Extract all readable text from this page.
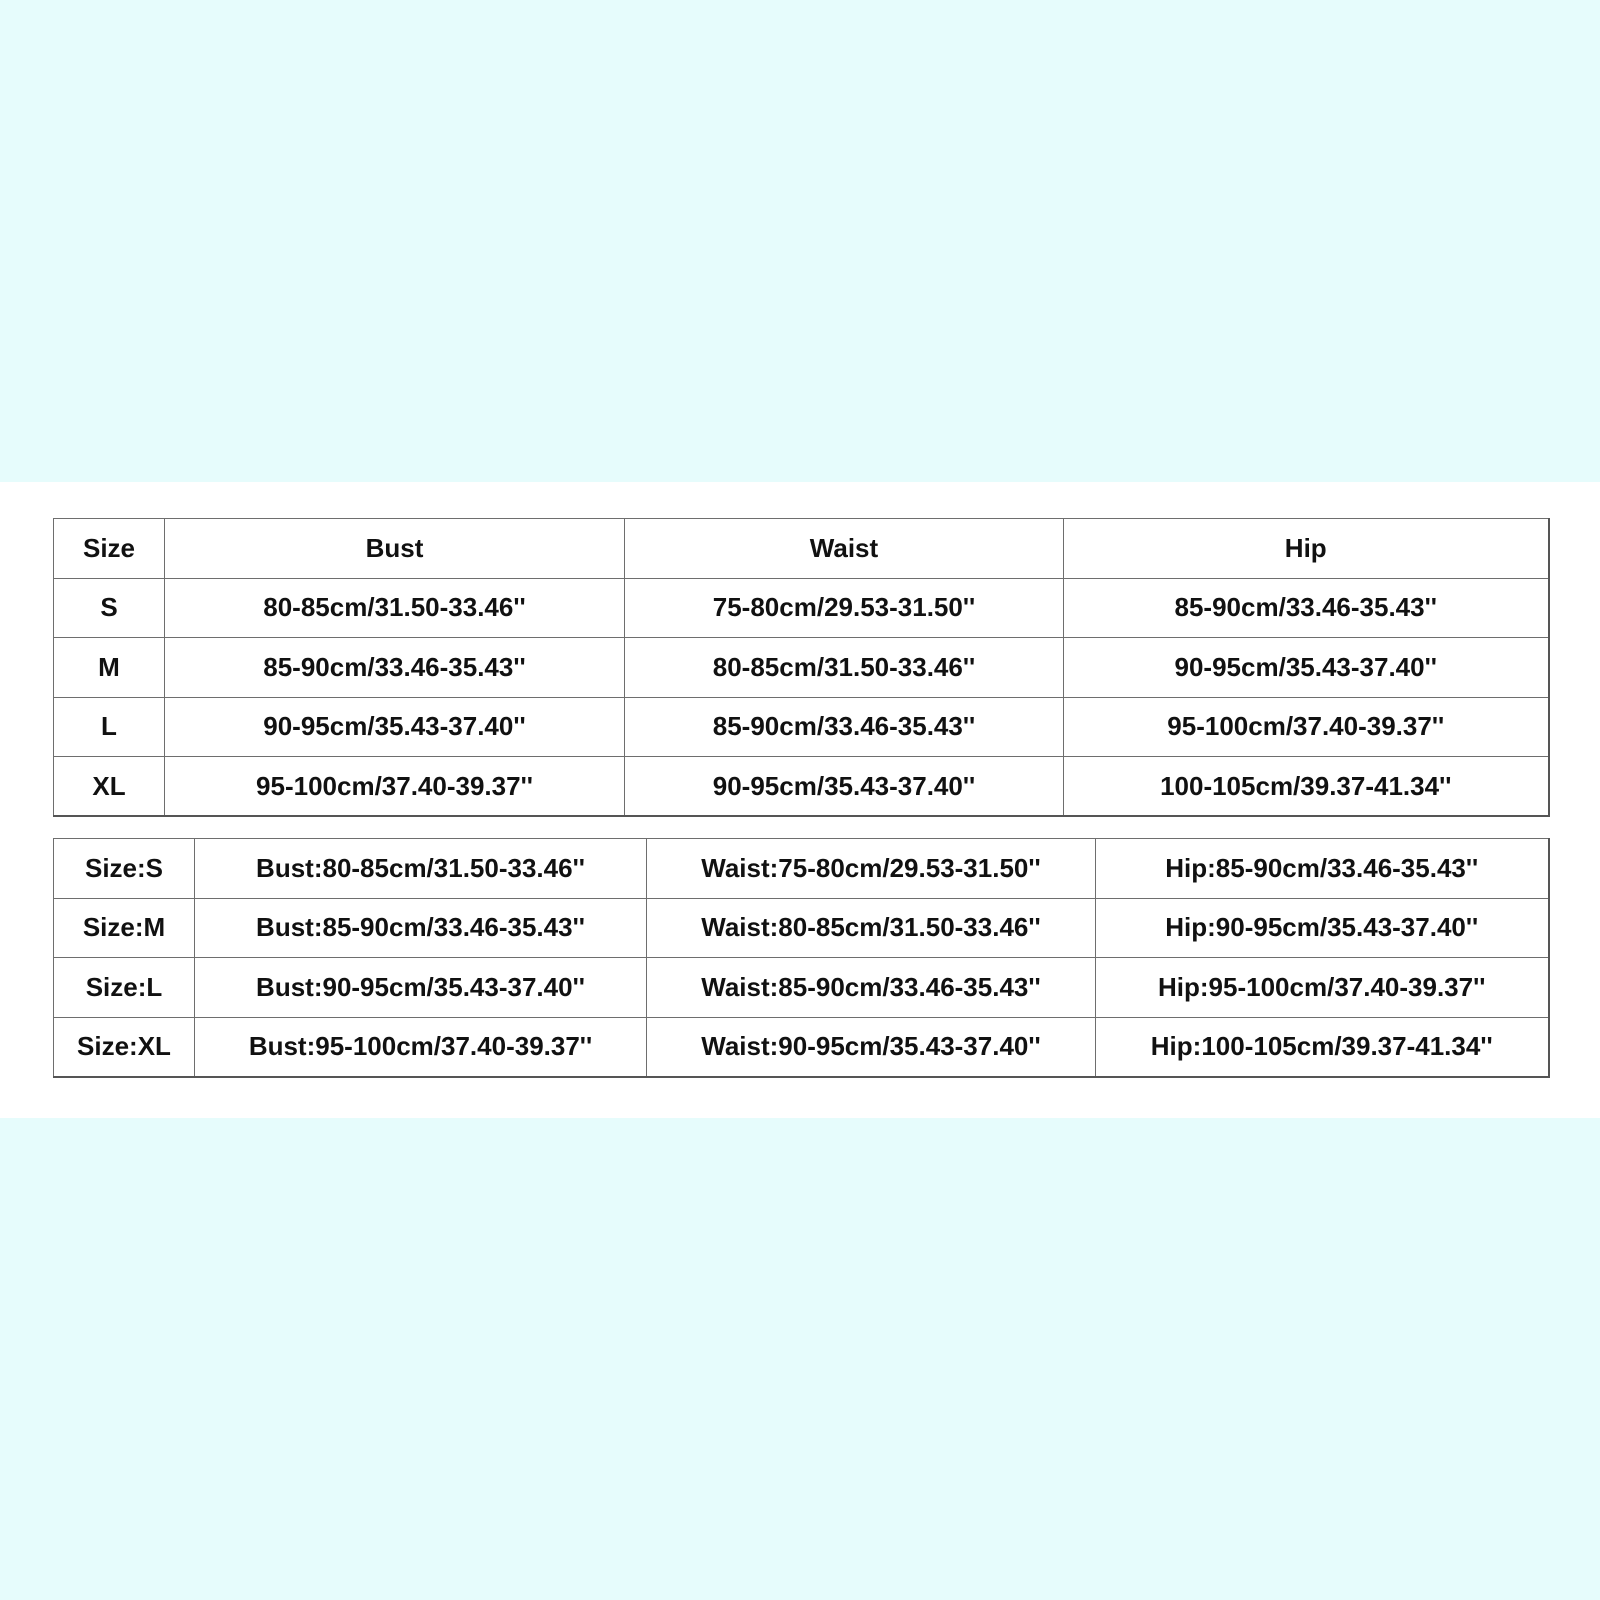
Size	Bust	Waist	Hip
S	80-85cm/31.50-33.46''	75-80cm/29.53-31.50''	85-90cm/33.46-35.43''
M	85-90cm/33.46-35.43''	80-85cm/31.50-33.46''	90-95cm/35.43-37.40''
L	90-95cm/35.43-37.40''	85-90cm/33.46-35.43''	95-100cm/37.40-39.37''
XL	95-100cm/37.40-39.37''	90-95cm/35.43-37.40''	100-105cm/39.37-41.34''
Size:S	Bust:80-85cm/31.50-33.46''	Waist:75-80cm/29.53-31.50''	Hip:85-90cm/33.46-35.43''
Size:M	Bust:85-90cm/33.46-35.43''	Waist:80-85cm/31.50-33.46''	Hip:90-95cm/35.43-37.40''
Size:L	Bust:90-95cm/35.43-37.40''	Waist:85-90cm/33.46-35.43''	Hip:95-100cm/37.40-39.37''
Size:XL	Bust:95-100cm/37.40-39.37''	Waist:90-95cm/35.43-37.40''	Hip:100-105cm/39.37-41.34''
